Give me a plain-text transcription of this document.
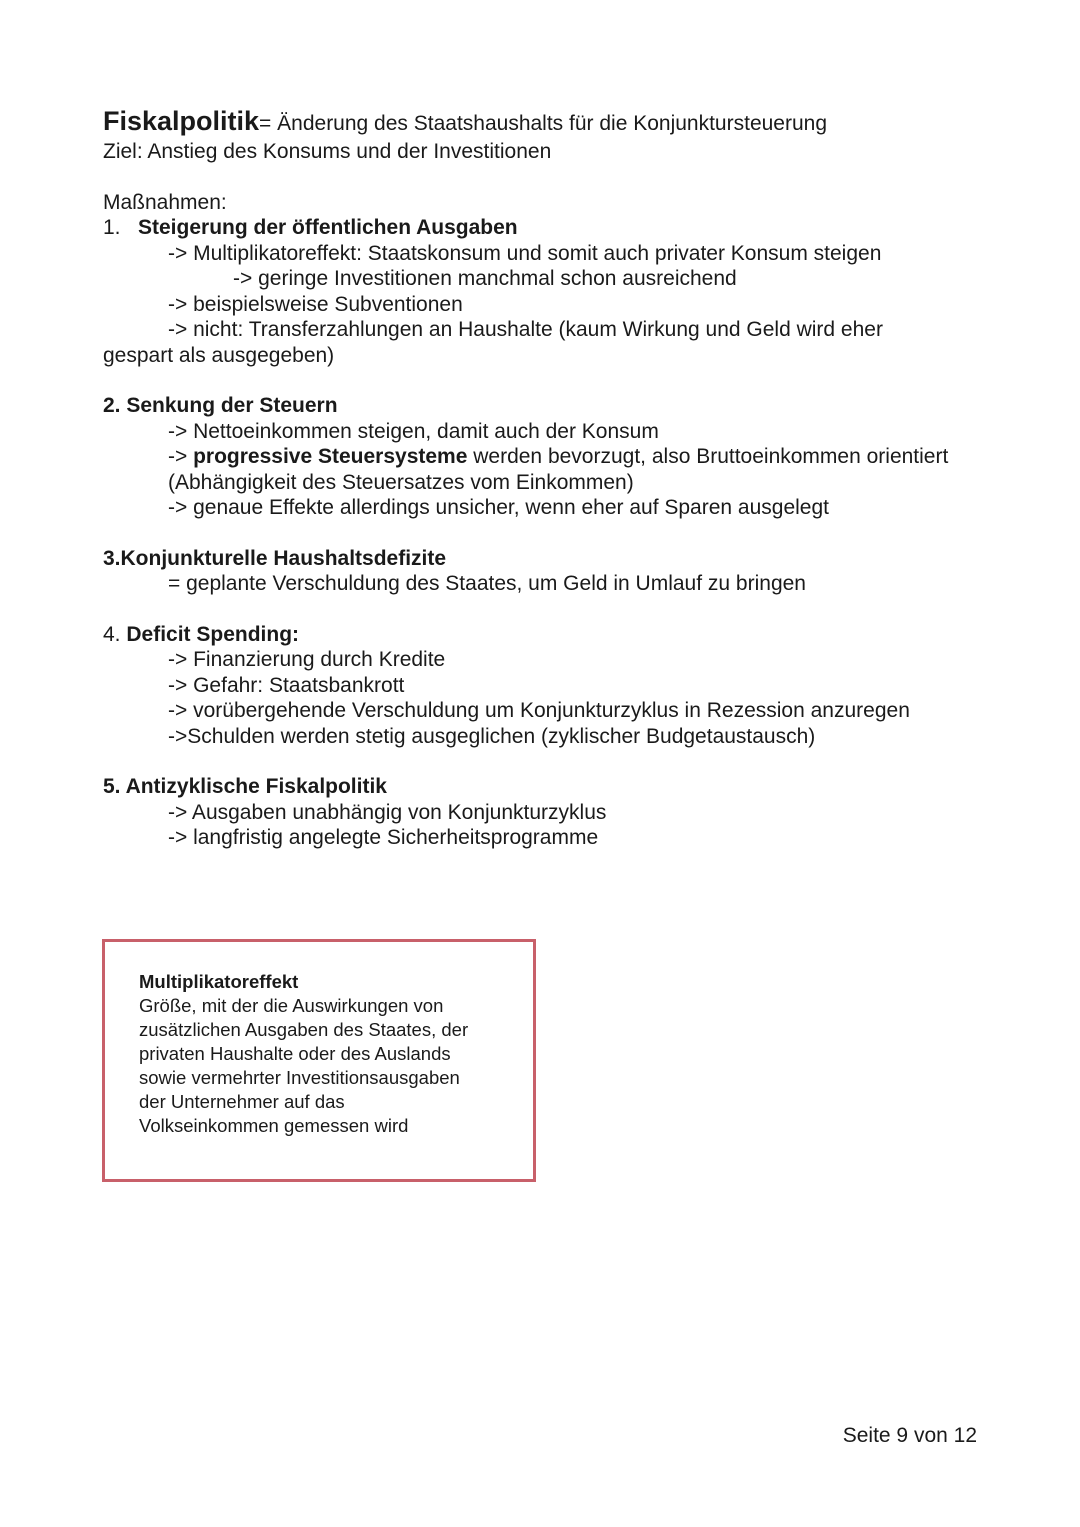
Fiskalpolitik= Änderung des Staatshaushalts für die Konjunktursteuerung
Ziel: Anstieg des Konsums und der Investitionen
Maßnahmen:
1. Steigerung der öffentlichen Ausgaben
-> Multiplikatoreffekt: Staatskonsum und somit auch privater Konsum steigen
-> geringe Investitionen manchmal schon ausreichend
-> beispielsweise Subventionen
-> nicht: Transferzahlungen an Haushalte (kaum Wirkung und Geld wird eher
gespart als ausgegeben)
2. Senkung der Steuern
-> Nettoeinkommen steigen, damit auch der Konsum
-> progressive Steuersysteme werden bevorzugt, also Bruttoeinkommen orientiert
(Abhängigkeit des Steuersatzes vom Einkommen)
-> genaue Effekte allerdings unsicher, wenn eher auf Sparen ausgelegt
3.Konjunkturelle Haushaltsdefizite
= geplante Verschuldung des Staates, um Geld in Umlauf zu bringen
4. Deficit Spending:
-> Finanzierung durch Kredite
-> Gefahr: Staatsbankrott
-> vorübergehende Verschuldung um Konjunkturzyklus in Rezession anzuregen
->Schulden werden stetig ausgeglichen (zyklischer Budgetaustausch)
5. Antizyklische Fiskalpolitik
-> Ausgaben unabhängig von Konjunkturzyklus
-> langfristig angelegte Sicherheitsprogramme
Multiplikatoreffekt
Größe, mit der die Auswirkungen von
zusätzlichen Ausgaben des Staates, der
privaten Haushalte oder des Auslands
sowie vermehrter Investitionsausgaben
der Unternehmer auf das
Volkseinkommen gemessen wird
Seite 9 von 12
